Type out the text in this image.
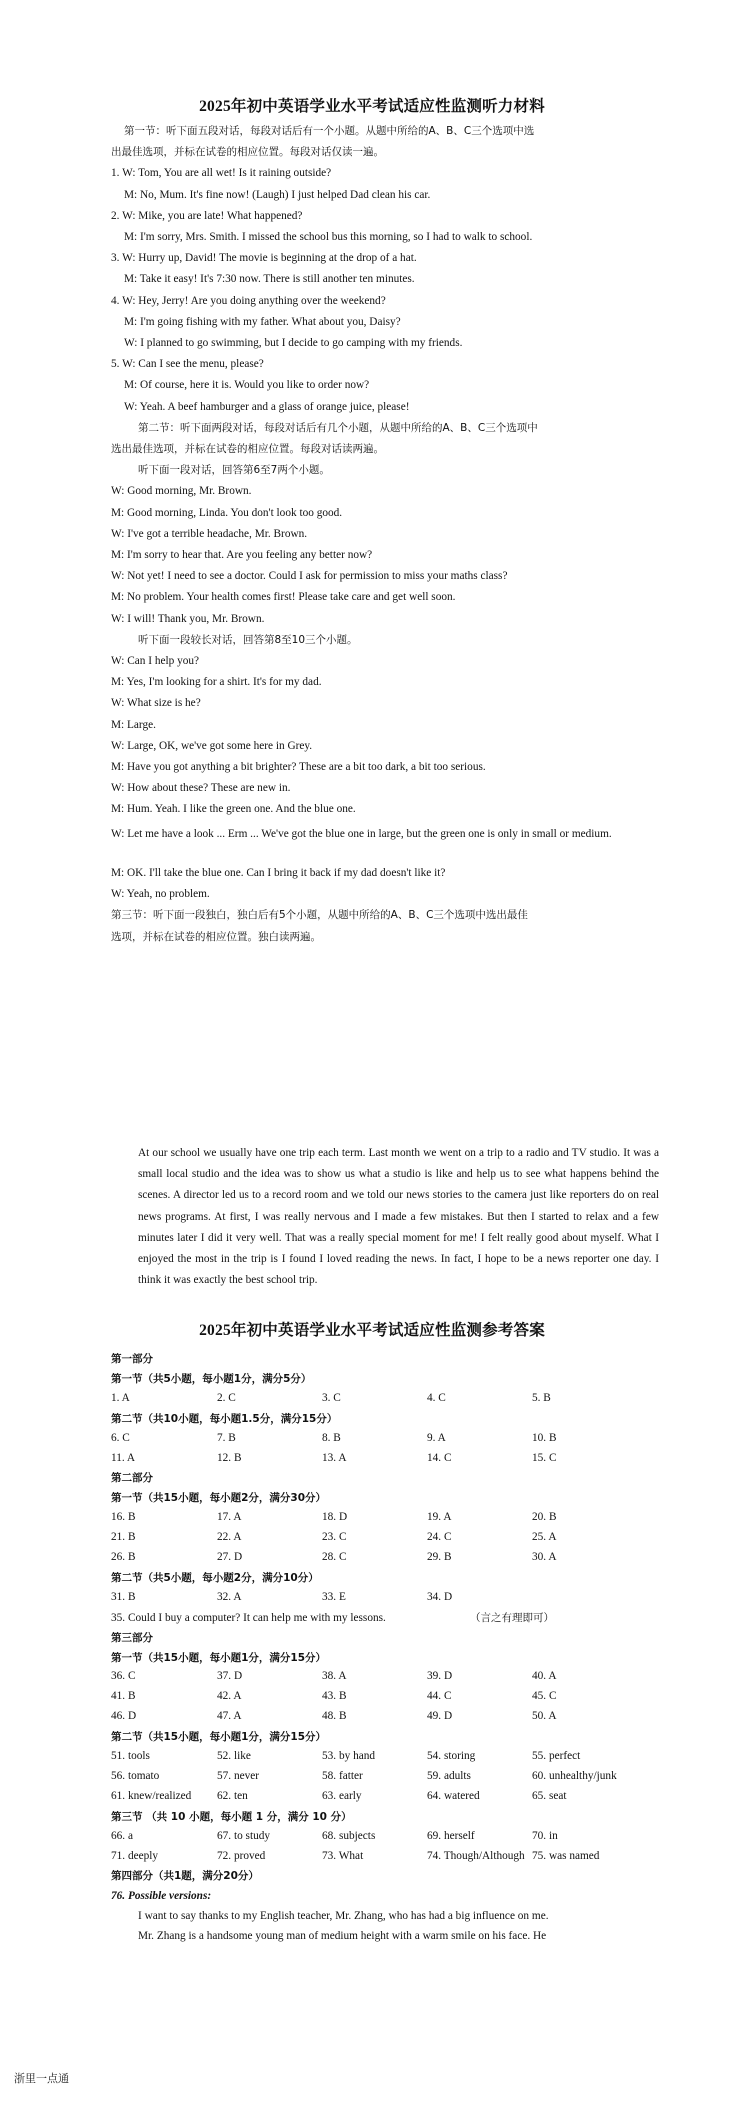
2025年初中英语学业水平考试适应性监测听力材料
第一节：听下面五段对话，每段对话后有一个小题。从题中所给的A、B、C三个选项中选
出最佳选项，并标在试卷的相应位置。每段对话仅读一遍。
1. W: Tom, You are all wet! Is it raining outside?
M: No, Mum. It's fine now! (Laugh) I just helped Dad clean his car.
2. W: Mike, you are late! What happened?
M: I'm sorry, Mrs. Smith. I missed the school bus this morning, so I had to walk to school.
3. W: Hurry up, David! The movie is beginning at the drop of a hat.
M: Take it easy! It's 7:30 now. There is still another ten minutes.
4. W: Hey, Jerry! Are you doing anything over the weekend?
M: I'm going fishing with my father. What about you, Daisy?
W: I planned to go swimming, but I decide to go camping with my friends.
5. W: Can I see the menu, please?
M: Of course, here it is. Would you like to order now?
W: Yeah. A beef hamburger and a glass of orange juice, please!
第二节：听下面两段对话，每段对话后有几个小题，从题中所给的A、B、C三个选项中
选出最佳选项，并标在试卷的相应位置。每段对话读两遍。
听下面一段对话，回答第6至7两个小题。
W: Good morning, Mr. Brown.
M: Good morning, Linda. You don't look too good.
W: I've got a terrible headache, Mr. Brown.
M: I'm sorry to hear that. Are you feeling any better now?
W: Not yet! I need to see a doctor. Could I ask for permission to miss your maths class?
M: No problem. Your health comes first! Please take care and get well soon.
W: I will! Thank you, Mr. Brown.
听下面一段较长对话，回答第8至10三个小题。
W: Can I help you?
M: Yes, I'm looking for a shirt. It's for my dad.
W: What size is he?
M: Large.
W: Large, OK, we've got some here in Grey.
M: Have you got anything a bit brighter? These are a bit too dark, a bit too serious.
W: How about these? These are new in.
M: Hum. Yeah. I like the green one. And the blue one.
W: Let me have a look ... Erm ... We've got the blue one in large, but the green one is only in small or medium.
M: OK. I'll take the blue one. Can I bring it back if my dad doesn't like it?
W: Yeah, no problem.
第三节：听下面一段独白，独白后有5个小题，从题中所给的A、B、C三个选项中选出最佳
选项，并标在试卷的相应位置。独白读两遍。
At our school we usually have one trip each term. Last month we went on a trip to a radio and TV studio. It was a small local studio and the idea was to show us what a studio is like and help us to see what happens behind the scenes. A director led us to a record room and we told our news stories to the camera just like reporters do on real news programs. At first, I was really nervous and I made a few mistakes. But then I started to relax and a few minutes later I did it very well. That was a really special moment for me! I felt really good about myself. What I enjoyed the most in the trip is I found I loved reading the news. In fact, I hope to be a news reporter one day. I think it was exactly the best school trip.
2025年初中英语学业水平考试适应性监测参考答案
第一部分
第一节（共5小题，每小题1分，满分5分）
1. A	2. C	3. C	4. C	5. B
第二节（共10小题，每小题1.5分，满分15分）
6. C	7. B	8. B	9. A	10. B
11. A	12. B	13. A	14. C	15. C
第二部分
第一节（共15小题，每小题2分，满分30分）
16. B	17. A	18. D	19. A	20. B
21. B	22. A	23. C	24. C	25. A
26. B	27. D	28. C	29. B	30. A
第二节（共5小题，每小题2分，满分10分）
31. B	32. A	33. E	34. D
35. Could I buy a computer? It can help me with my lessons.	（言之有理即可）
第三部分
第一节（共15小题，每小题1分，满分15分）
36. C	37. D	38. A	39. D	40. A
41. B	42. A	43. B	44. C	45. C
46. D	47. A	48. B	49. D	50. A
第二节（共15小题，每小题1分，满分15分）
51. tools	52. like	53. by hand	54. storing	55. perfect
56. tomato	57. never	58. fatter	59. adults	60. unhealthy/junk
61. knew/realized 62. ten	63. early	64. watered	65. seat
第三节 （共 10 小题，每小题 1 分，满分 10 分）
66. a	67. to study	68. subjects	69. herself	70. in
71. deeply	72. proved	73. What	74. Though/Although 75. was named
第四部分（共1题，满分20分）
76. Possible versions:
I want to say thanks to my English teacher, Mr. Zhang, who has had a big influence on me.
Mr. Zhang is a handsome young man of medium height with a warm smile on his face. He
浙里一点通
